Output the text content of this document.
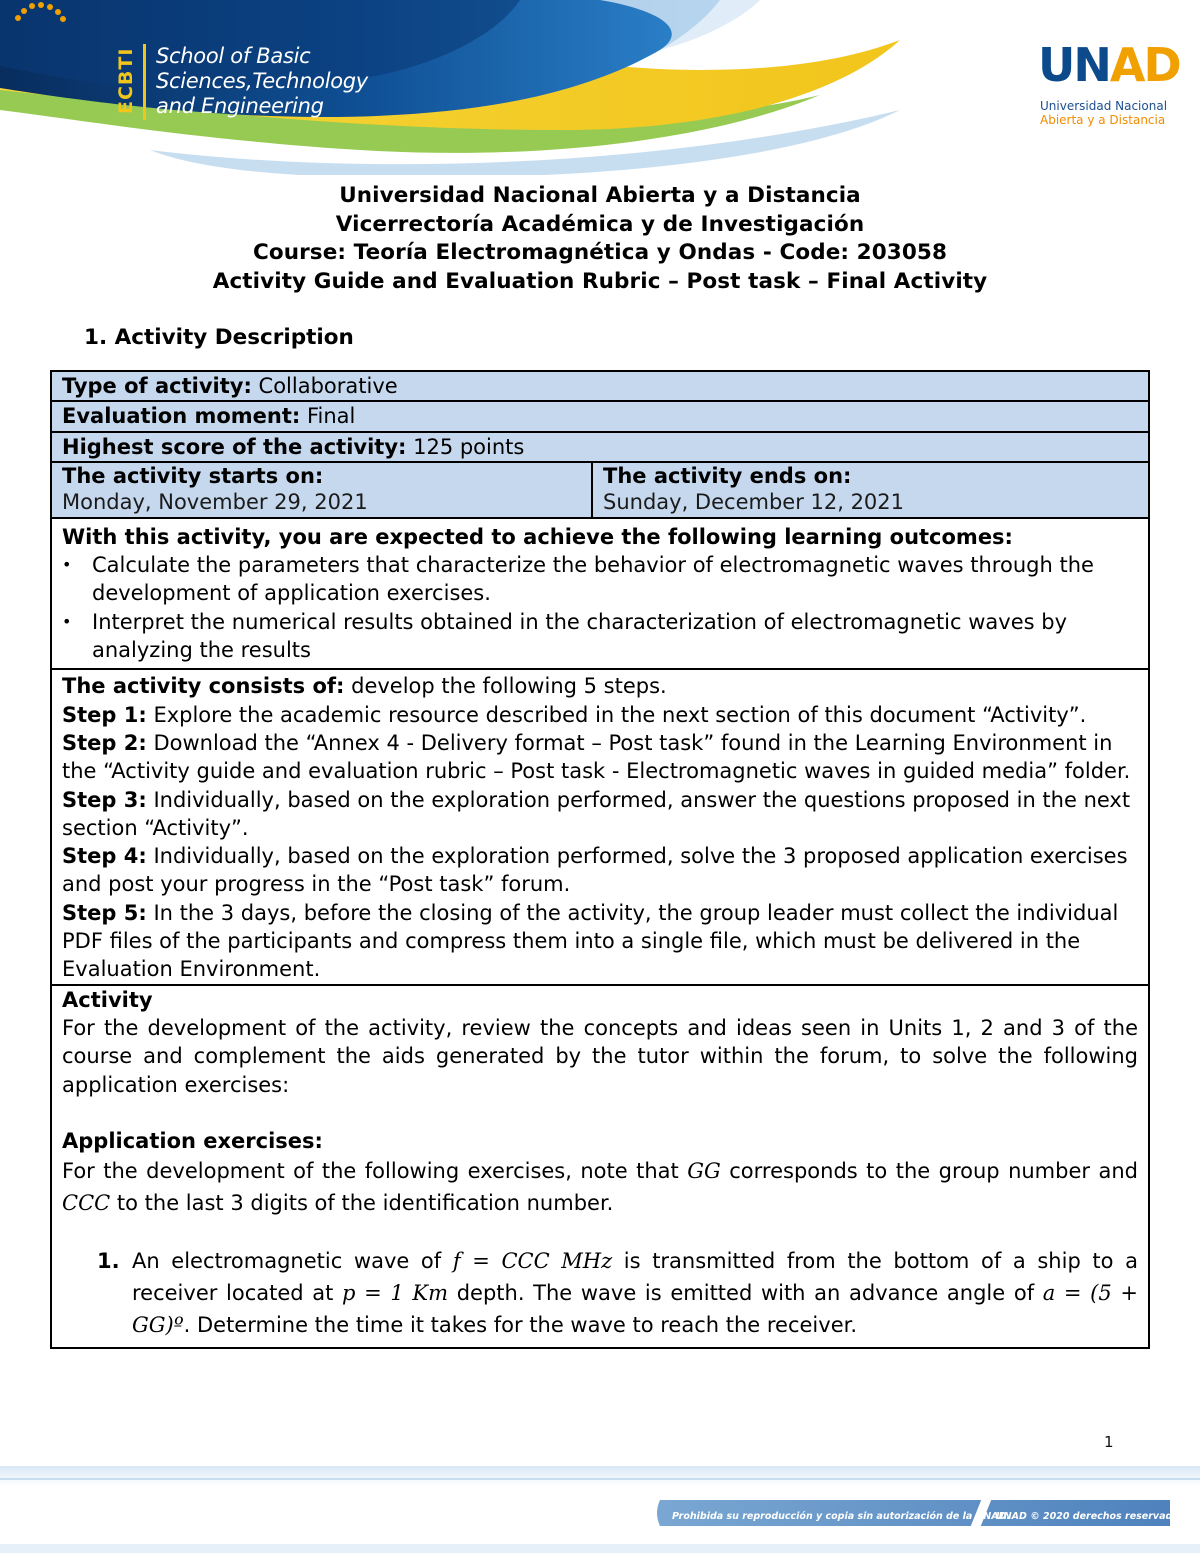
ECBTI School of Basic
Sciences,Technology
and Engineering
UNAD
Universidad Nacional
Abierta y a Distancia
Universidad Nacional Abierta y a Distancia
Vicerrectoría Académica y de Investigación
Course: Teoría Electromagnética y Ondas - Code: 203058
Activity Guide and Evaluation Rubric – Post task – Final Activity
1. Activity Description
Type of activity: Collaborative
Evaluation moment: Final
Highest score of the activity: 125 points

The activity starts on:
Monday, November 29, 2021

The activity ends on:
Sunday, December 12, 2021

With this activity, you are expected to achieve the following learning outcomes:
• Calculate the parameters that characterize the behavior of electromagnetic waves through the development of application exercises.
• Interpret the numerical results obtained in the characterization of electromagnetic waves by analyzing the results

The activity consists of: develop the following 5 steps.

Step 1: Explore the academic resource described in the next section of this document “Activity”.

Step 2: Download the “Annex 4 - Delivery format – Post task” found in the Learning Environment in the “Activity guide and evaluation rubric – Post task - Electromagnetic waves in guided media” folder.

Step 3: Individually, based on the exploration performed, answer the questions proposed in the next section “Activity”.

Step 4: Individually, based on the exploration performed, solve the 3 proposed application exercises and post your progress in the “Post task” forum.

Step 5: In the 3 days, before the closing of the activity, the group leader must collect the individual PDF files of the participants and compress them into a single file, which must be delivered in the Evaluation Environment.

Activity

For the development of the activity, review the concepts and ideas seen in Units 1, 2 and 3 of the course and complement the aids generated by the tutor within the forum, to solve the following application exercises:

Application exercises:

For the development of the following exercises, note that GG corresponds to the group number and CCC to the last 3 digits of the identification number.

1. An electromagnetic wave of f = CCC MHz is transmitted from the bottom of a ship to a receiver located at p = 1 Km depth. The wave is emitted with an advance angle of a = (5 + GG)º. Determine the time it takes for the wave to reach the receiver.
1
Prohibida su reproducción y copia sin autorización de la UNAD.
UNAD © 2020 derechos reservados.
